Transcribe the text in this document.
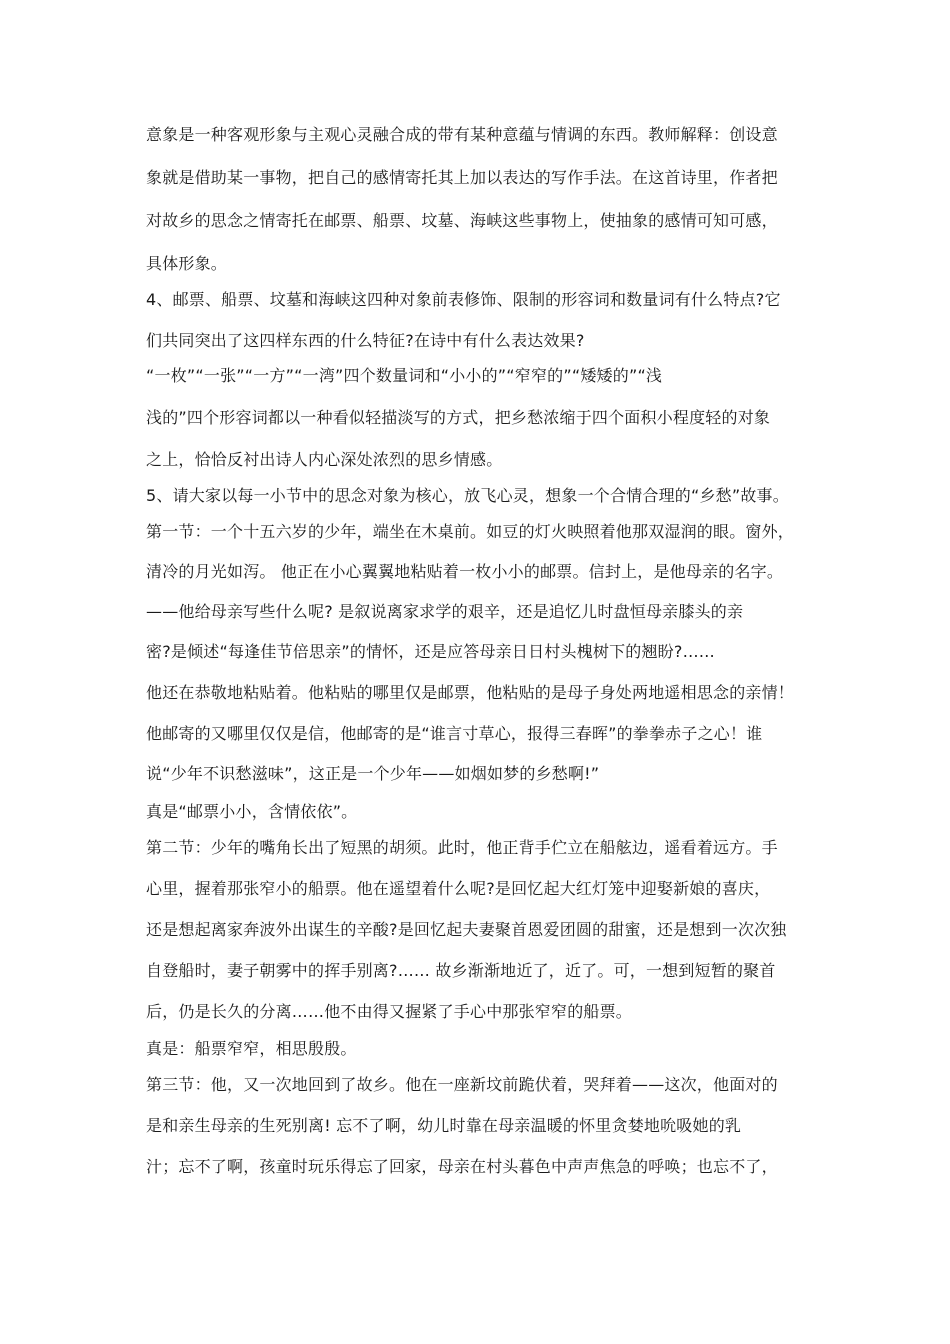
意象是一种客观形象与主观心灵融合成的带有某种意蕴与情调的东西。教师解释：创设意
象就是借助某一事物，把自己的感情寄托其上加以表达的写作手法。在这首诗里，作者把
对故乡的思念之情寄托在邮票、船票、坟墓、海峡这些事物上，使抽象的感情可知可感，
具体形象。
4、邮票、船票、坟墓和海峡这四种对象前表修饰、限制的形容词和数量词有什么特点?它
们共同突出了这四样东西的什么特征?在诗中有什么表达效果?
“一枚”“一张”“一方”“一湾”四个数量词和“小小的”“窄窄的”“矮矮的”“浅
浅的”四个形容词都以一种看似轻描淡写的方式，把乡愁浓缩于四个面积小程度轻的对象
之上，恰恰反衬出诗人内心深处浓烈的思乡情感。
5、请大家以每一小节中的思念对象为核心，放飞心灵，想象一个合情合理的“乡愁”故事。
第一节：一个十五六岁的少年，端坐在木桌前。如豆的灯火映照着他那双湿润的眼。窗外，
清冷的月光如泻。 他正在小心翼翼地粘贴着一枚小小的邮票。信封上，是他母亲的名字。
——他给母亲写些什么呢? 是叙说离家求学的艰辛，还是追忆儿时盘恒母亲膝头的亲
密?是倾述“每逢佳节倍思亲”的情怀，还是应答母亲日日村头槐树下的翘盼?……
他还在恭敬地粘贴着。他粘贴的哪里仅是邮票，他粘贴的是母子身处两地遥相思念的亲情！
他邮寄的又哪里仅仅是信，他邮寄的是“谁言寸草心，报得三春晖”的拳拳赤子之心！谁
说“少年不识愁滋味”，这正是一个少年——如烟如梦的乡愁啊!”
真是“邮票小小，含情依依”。
第二节：少年的嘴角长出了短黑的胡须。此时，他正背手伫立在船舷边，遥看着远方。手
心里，握着那张窄小的船票。他在遥望着什么呢?是回忆起大红灯笼中迎娶新娘的喜庆，
还是想起离家奔波外出谋生的辛酸?是回忆起夫妻聚首恩爱团圆的甜蜜，还是想到一次次独
自登船时，妻子朝雾中的挥手别离?…… 故乡渐渐地近了，近了。可，一想到短暂的聚首
后，仍是长久的分离……他不由得又握紧了手心中那张窄窄的船票。
真是：船票窄窄，相思殷殷。
第三节：他，又一次地回到了故乡。他在一座新坟前跪伏着，哭拜着——这次，他面对的
是和亲生母亲的生死别离! 忘不了啊，幼儿时靠在母亲温暖的怀里贪婪地吮吸她的乳
汁；忘不了啊，孩童时玩乐得忘了回家，母亲在村头暮色中声声焦急的呼唤；也忘不了，
